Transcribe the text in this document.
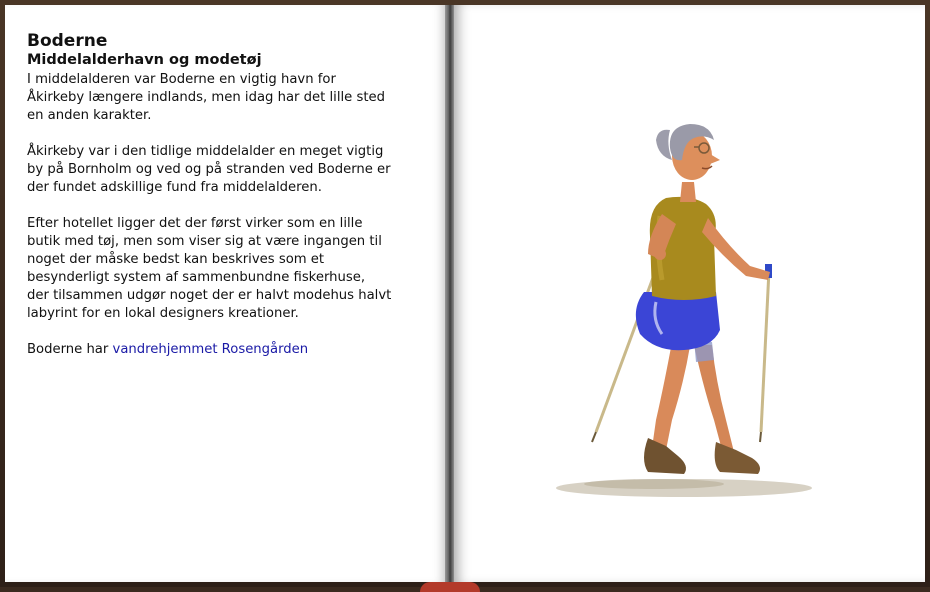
Boderne
Middelalderhavn og modetøj

I middelalderen var Boderne en vigtig havn for
Åkirkeby længere indlands, men idag har det lille sted
en anden karakter.

Åkirkeby var i den tidlige middelalder en meget vigtig
by på Bornholm og ved og på stranden ved Boderne er
der fundet adskillige fund fra middelalderen.

Efter hotellet ligger det der først virker som en lille
butik med tøj, men som viser sig at være ingangen til
noget der måske bedst kan beskrives som et
besynderligt system af sammenbundne fiskerhuse,
der tilsammen udgør noget der er halvt modehus halvt
labyrint for en lokal designers kreationer.

Boderne har vandrehjemmet Rosengården
